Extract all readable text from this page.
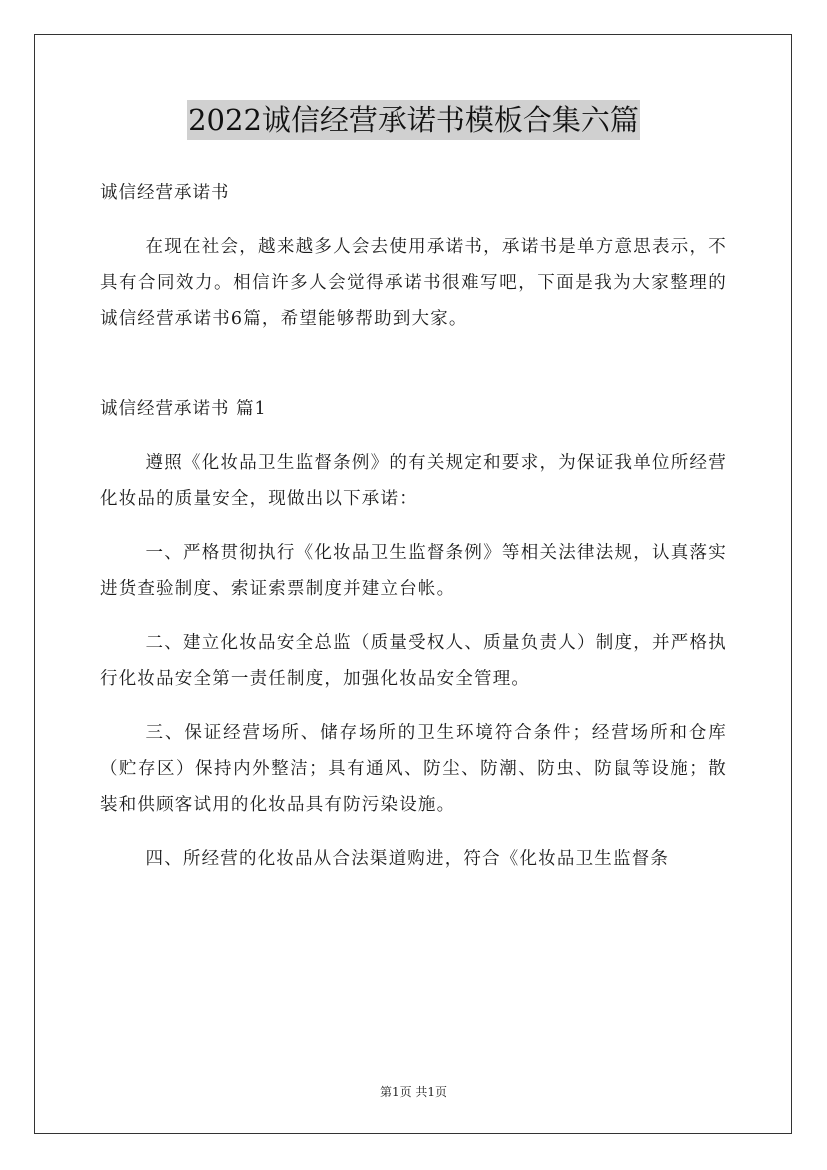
2022诚信经营承诺书模板合集六篇
诚信经营承诺书

在现在社会，越来越多人会去使用承诺书，承诺书是单方意思表示，不具有合同效力。相信许多人会觉得承诺书很难写吧，下面是我为大家整理的诚信经营承诺书6篇，希望能够帮助到大家。

诚信经营承诺书 篇1

遵照《化妆品卫生监督条例》的有关规定和要求，为保证我单位所经营化妆品的质量安全，现做出以下承诺：

一、严格贯彻执行《化妆品卫生监督条例》等相关法律法规，认真落实进货查验制度、索证索票制度并建立台帐。

二、建立化妆品安全总监（质量受权人、质量负责人）制度，并严格执行化妆品安全第一责任制度，加强化妆品安全管理。

三、保证经营场所、储存场所的卫生环境符合条件；经营场所和仓库（贮存区）保持内外整洁；具有通风、防尘、防潮、防虫、防鼠等设施；散装和供顾客试用的化妆品具有防污染设施。

四、所经营的化妆品从合法渠道购进，符合《化妆品卫生监督条

第1页 共1页
